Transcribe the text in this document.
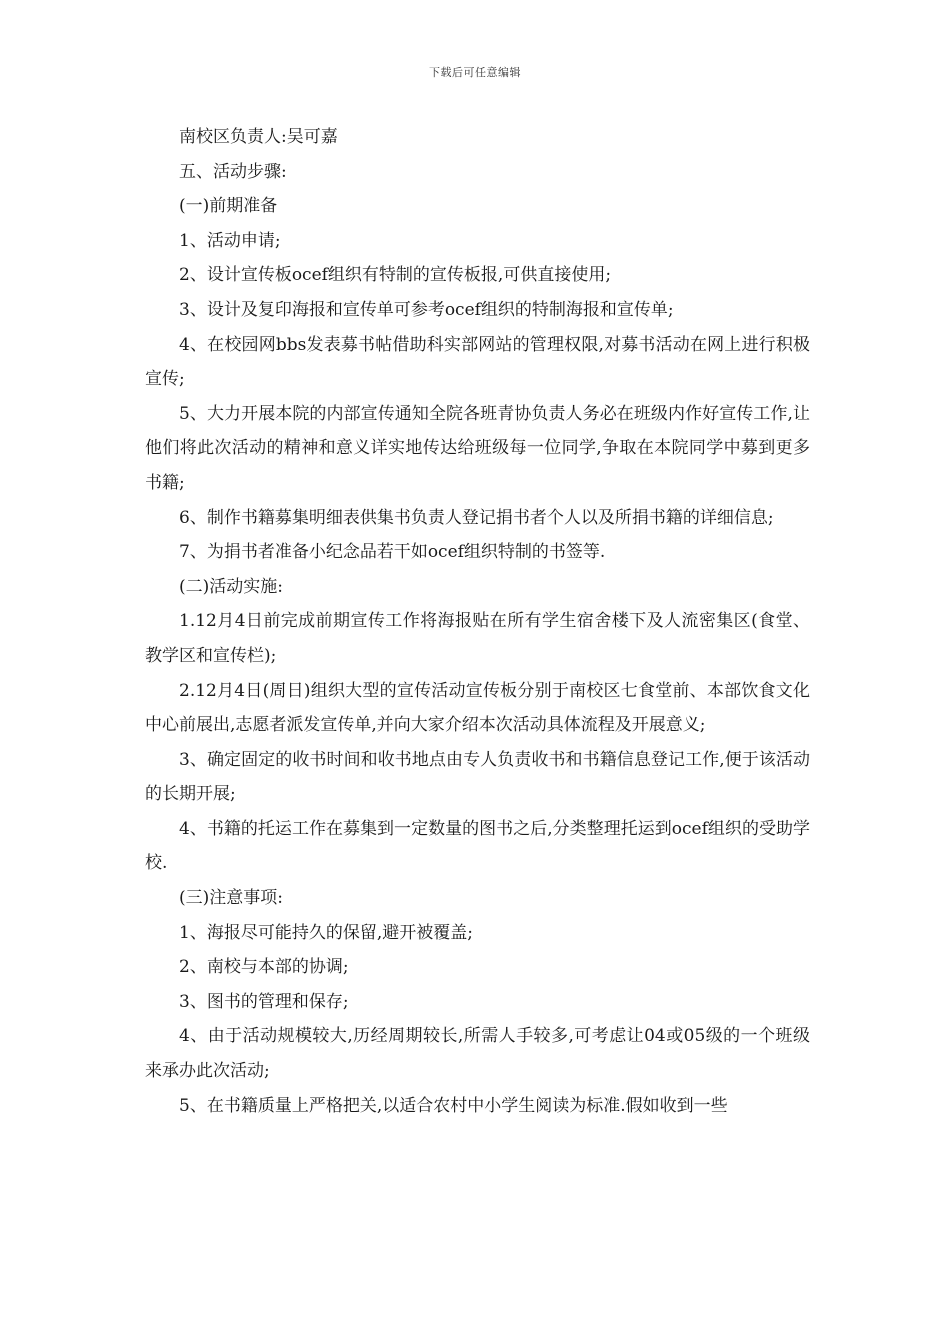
下载后可任意编辑

南校区负责人:吴可嘉

五、活动步骤:

(一)前期准备

1、活动申请;

2、设计宣传板ocef组织有特制的宣传板报,可供直接使用;

3、设计及复印海报和宣传单可参考ocef组织的特制海报和宣传单;

4、在校园网bbs发表募书帖借助科实部网站的管理权限,对募书活动在网上进行积极宣传;

5、大力开展本院的内部宣传通知全院各班青协负责人务必在班级内作好宣传工作,让他们将此次活动的精神和意义详实地传达给班级每一位同学,争取在本院同学中募到更多书籍;

6、制作书籍募集明细表供集书负责人登记捐书者个人以及所捐书籍的详细信息;

7、为捐书者准备小纪念品若干如ocef组织特制的书签等.

(二)活动实施:

1.12月4日前完成前期宣传工作将海报贴在所有学生宿舍楼下及人流密集区(食堂、教学区和宣传栏);

2.12月4日(周日)组织大型的宣传活动宣传板分别于南校区七食堂前、本部饮食文化中心前展出,志愿者派发宣传单,并向大家介绍本次活动具体流程及开展意义;

3、确定固定的收书时间和收书地点由专人负责收书和书籍信息登记工作,便于该活动的长期开展;

4、书籍的托运工作在募集到一定数量的图书之后,分类整理托运到ocef组织的受助学校.

(三)注意事项:

1、海报尽可能持久的保留,避开被覆盖;

2、南校与本部的协调;

3、图书的管理和保存;

4、由于活动规模较大,历经周期较长,所需人手较多,可考虑让04或05级的一个班级来承办此次活动;

5、在书籍质量上严格把关,以适合农村中小学生阅读为标准.假如收到一些
